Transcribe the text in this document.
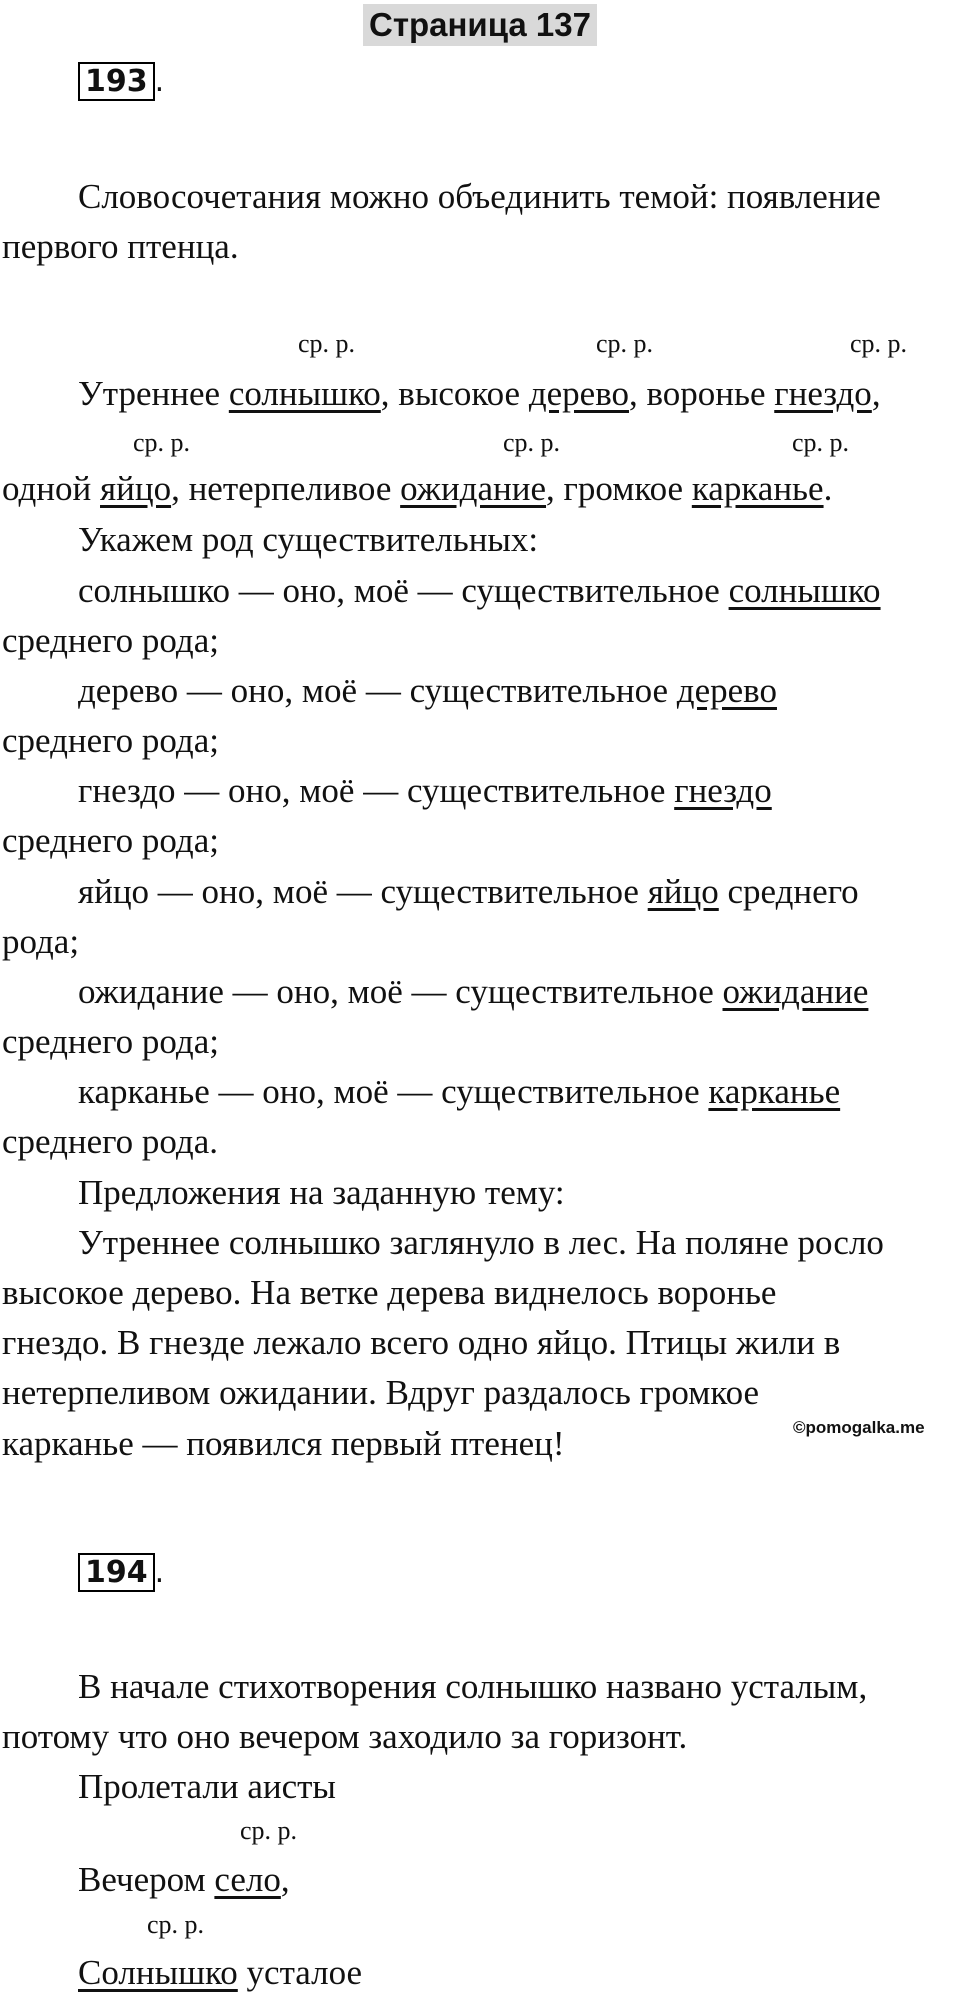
Страница 137
193 .
Словосочетания можно объединить темой: появление
первого птенца.
ср. р.	ср. р.	ср. р.
Утреннее солнышко, высокое дерево, воронье гнездо,
ср. р.	ср. р.	ср. р.
одной яйцо, нетерпеливое ожидание, громкое карканье.
Укажем род существительных:
солнышко — оно, моё — существительное солнышко
среднего рода;
дерево — оно, моё — существительное дерево
среднего рода;
гнездо — оно, моё — существительное гнездо
среднего рода;
яйцо — оно, моё — существительное яйцо среднего
рода;
ожидание — оно, моё — существительное ожидание
среднего рода;
карканье — оно, моё — существительное карканье
среднего рода.
Предложения на заданную тему:
Утреннее солнышко заглянуло в лес. На поляне росло
высокое дерево. На ветке дерева виднелось воронье
гнездо. В гнезде лежало всего одно яйцо. Птицы жили в
нетерпеливом ожидании. Вдруг раздалось громкое
©pomogalka.me
карканье — появился первый птенец!
194 .
В начале стихотворения солнышко названо усталым,
потому что оно вечером заходило за горизонт.
Пролетали аисты
ср. р.
Вечером село,
ср. р.
Солнышко усталое
